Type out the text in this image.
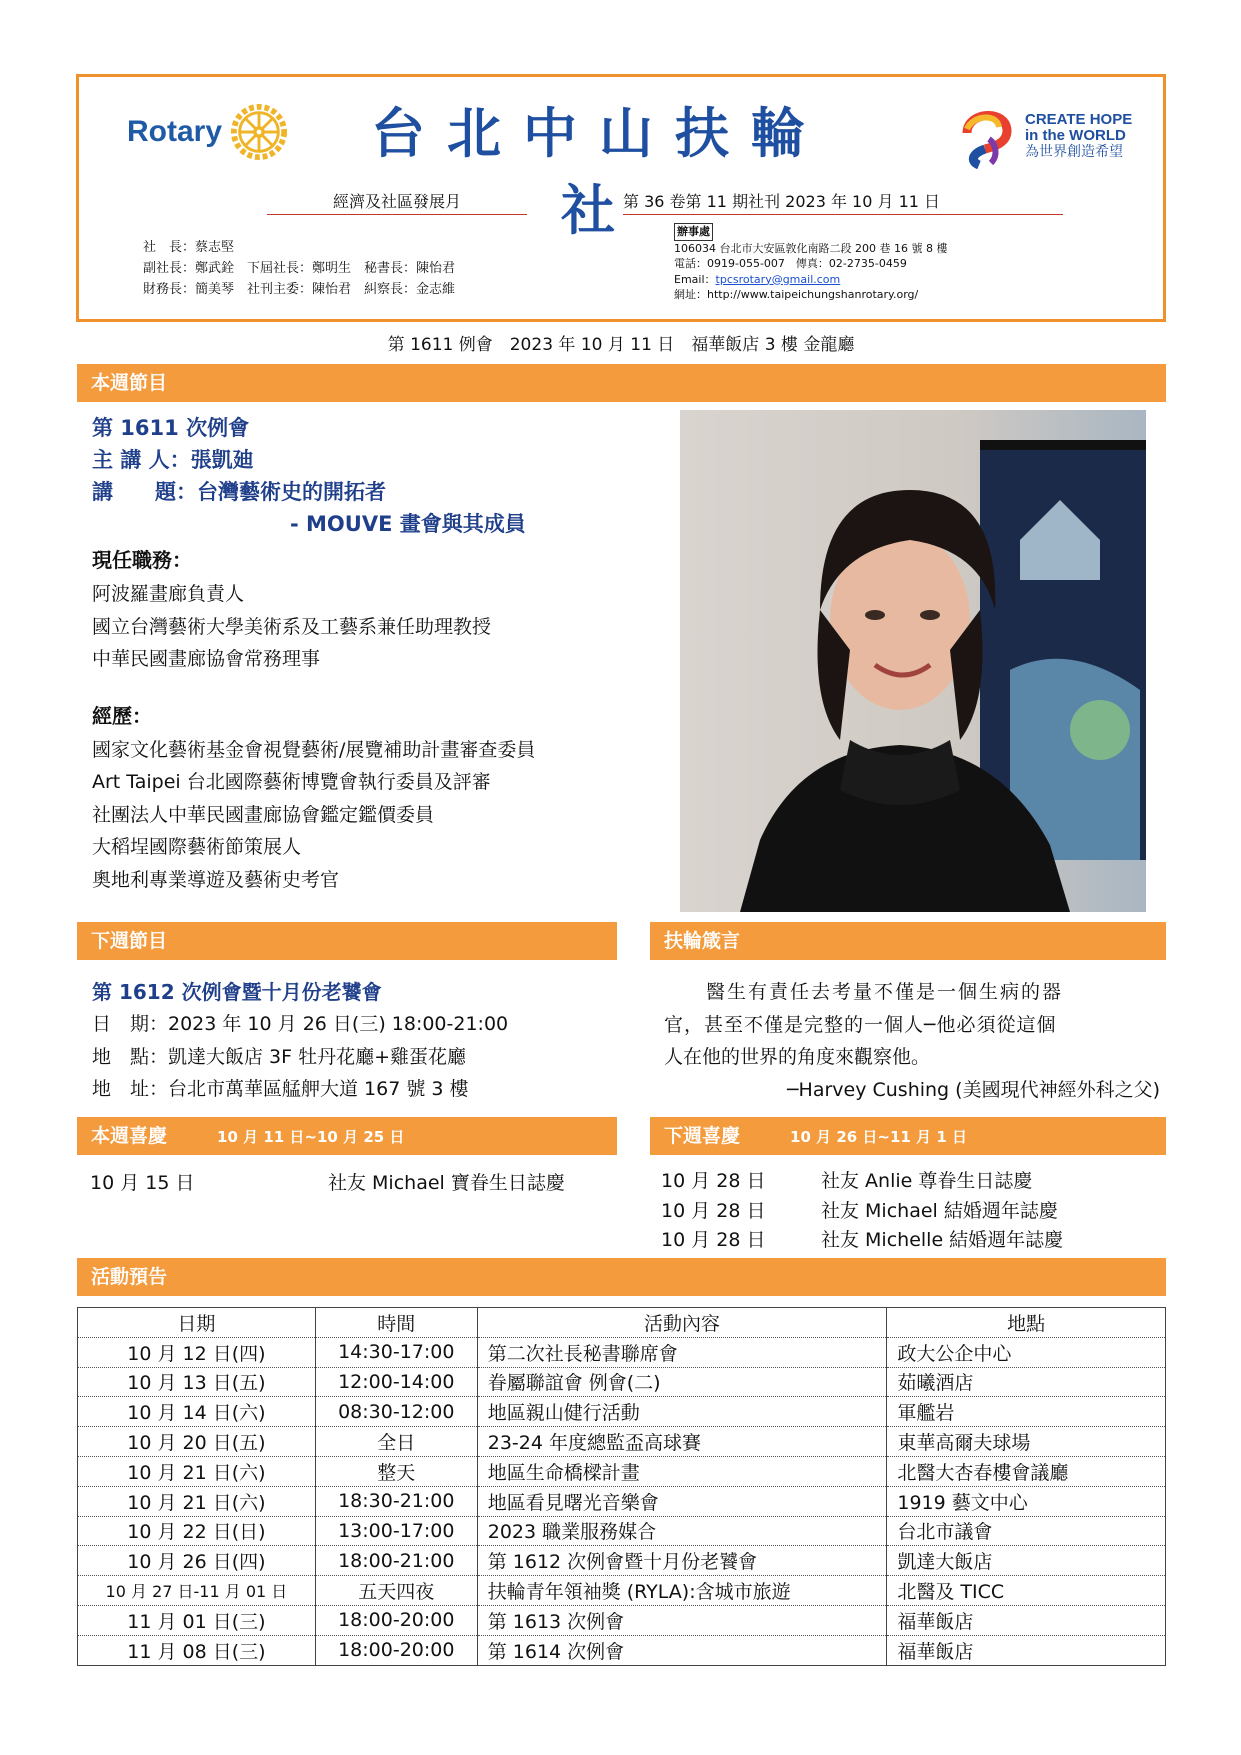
Rotary	台北中山扶輪社
CREATE HOPE
in the WORLD
為世界創造希望
經濟及社區發展月	第 36 卷第 11 期社刊 2023 年 10 月 11 日
社　長：蔡志堅
副社長：鄭武銓　下屆社長：鄭明生　秘書長：陳怡君
財務長：簡美琴　社刊主委：陳怡君　糾察長：金志維
辦事處
106034 台北市大安區敦化南路二段 200 巷 16 號 8 樓
電話：0919-055-007　傳真：02-2735-0459
Email：tpcsrotary@gmail.com
網址：http://www.taipeichungshanrotary.org/
第 1611 例會　2023 年 10 月 11 日　福華飯店 3 樓 金龍廳
本週節目
第 1611 次例會
主 講 人：張凱廸
講　　題：台灣藝術史的開拓者
- MOUVE 畫會與其成員
現任職務：
阿波羅畫廊負責人
國立台灣藝術大學美術系及工藝系兼任助理教授
中華民國畫廊協會常務理事
經歷：
國家文化藝術基金會視覺藝術/展覽補助計畫審查委員
Art Taipei 台北國際藝術博覽會執行委員及評審
社團法人中華民國畫廊協會鑑定鑑價委員
大稻埕國際藝術節策展人
奧地利專業導遊及藝術史考官
下週節目
第 1612 次例會暨十月份老饕會
日　期：2023 年 10 月 26 日(三) 18:00-21:00
地　點：凱達大飯店 3F 牡丹花廳+雞蛋花廳
地　址：台北市萬華區艋舺大道 167 號 3 樓
扶輪箴言
醫生有責任去考量不僅是一個生病的器
官，甚至不僅是完整的一個人─他必須從這個
人在他的世界的角度來觀察他。
─Harvey Cushing (美國現代神經外科之父)
本週喜慶	10 月 11 日~10 月 25 日
10 月 15 日	社友 Michael 寶眷生日誌慶
下週喜慶	10 月 26 日~11 月 1 日
10 月 28 日	社友 Anlie 尊眷生日誌慶
10 月 28 日	社友 Michael 結婚週年誌慶
10 月 28 日	社友 Michelle 結婚週年誌慶
活動預告
日期	時間	活動內容	地點
10 月 12 日(四)	14:30-17:00	第二次社長秘書聯席會	政大公企中心
10 月 13 日(五)	12:00-14:00	眷屬聯誼會 例會(二)	茹曦酒店
10 月 14 日(六)	08:30-12:00	地區親山健行活動	軍艦岩
10 月 20 日(五)	全日	23-24 年度總監盃高球賽	東華高爾夫球場
10 月 21 日(六)	整天	地區生命橋樑計畫	北醫大杏春樓會議廳
10 月 21 日(六)	18:30-21:00	地區看見曙光音樂會	1919 藝文中心
10 月 22 日(日)	13:00-17:00	2023 職業服務媒合	台北市議會
10 月 26 日(四)	18:00-21:00	第 1612 次例會暨十月份老饕會	凱達大飯店
10 月 27 日-11 月 01 日	五天四夜	扶輪青年領袖獎 (RYLA):含城市旅遊	北醫及 TICC
11 月 01 日(三)	18:00-20:00	第 1613 次例會	福華飯店
11 月 08 日(三)	18:00-20:00	第 1614 次例會	福華飯店
